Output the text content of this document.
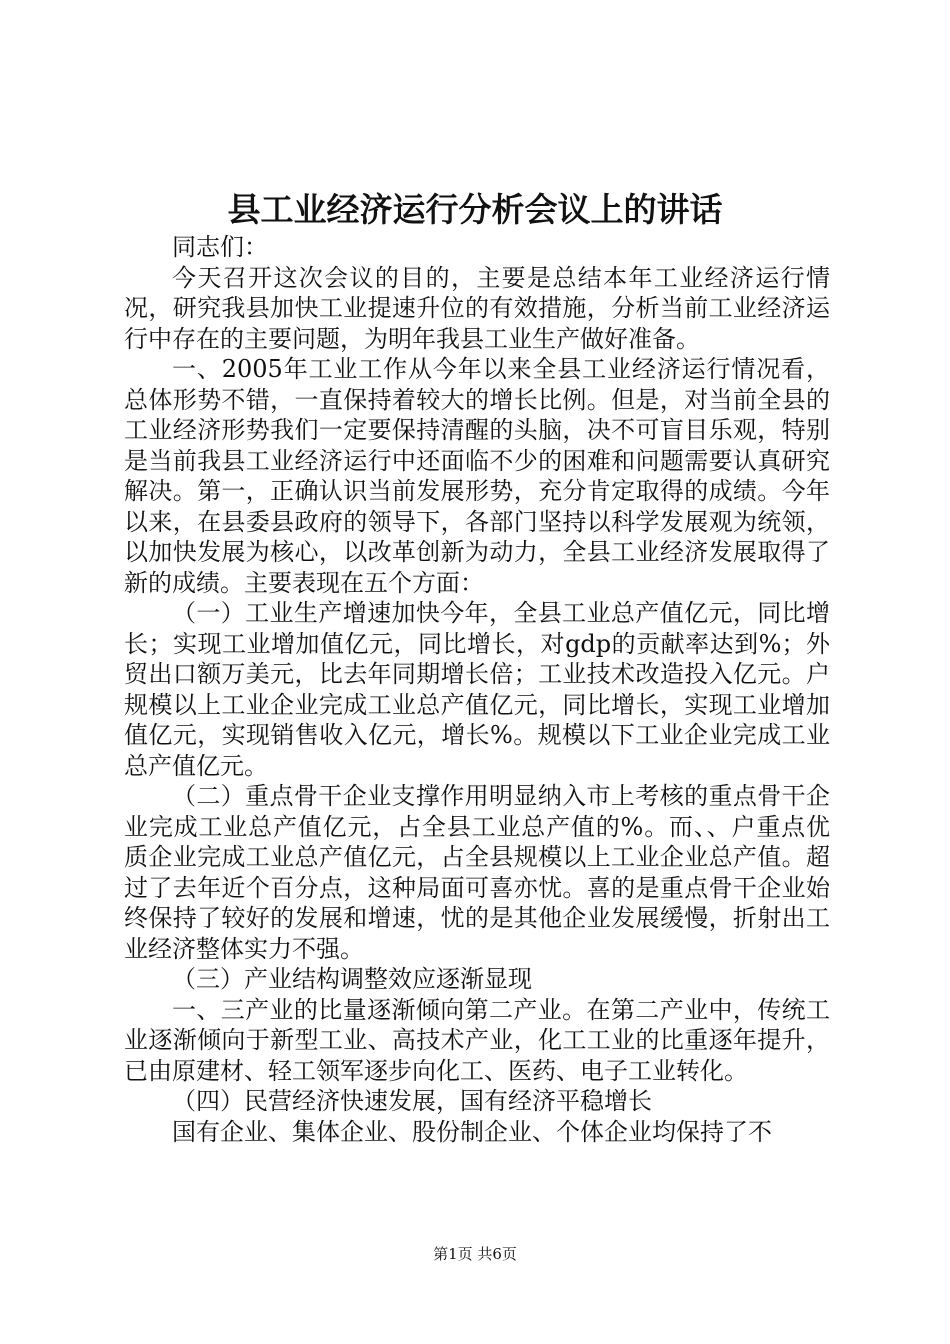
县工业经济运行分析会议上的讲话

同志们：

今天召开这次会议的目的，主要是总结本年工业经济运行情况，研究我县加快工业提速升位的有效措施，分析当前工业经济运行中存在的主要问题，为明年我县工业生产做好准备。

一、2005年工业工作从今年以来全县工业经济运行情况看，总体形势不错，一直保持着较大的增长比例。但是，对当前全县的工业经济形势我们一定要保持清醒的头脑，决不可盲目乐观，特别是当前我县工业经济运行中还面临不少的困难和问题需要认真研究解决。第一，正确认识当前发展形势，充分肯定取得的成绩。今年以来，在县委县政府的领导下，各部门坚持以科学发展观为统领，以加快发展为核心，以改革创新为动力，全县工业经济发展取得了新的成绩。主要表现在五个方面：

（一）工业生产增速加快今年，全县工业总产值亿元，同比增长；实现工业增加值亿元，同比增长，对gdp的贡献率达到%；外贸出口额万美元，比去年同期增长倍；工业技术改造投入亿元。户规模以上工业企业完成工业总产值亿元，同比增长，实现工业增加值亿元，实现销售收入亿元，增长%。规模以下工业企业完成工业总产值亿元。

（二）重点骨干企业支撑作用明显纳入市上考核的重点骨干企业完成工业总产值亿元，占全县工业总产值的%。而、、户重点优质企业完成工业总产值亿元，占全县规模以上工业企业总产值。超过了去年近个百分点，这种局面可喜亦忧。喜的是重点骨干企业始终保持了较好的发展和增速，忧的是其他企业发展缓慢，折射出工业经济整体实力不强。

（三）产业结构调整效应逐渐显现

一、三产业的比量逐渐倾向第二产业。在第二产业中，传统工业逐渐倾向于新型工业、高技术产业，化工工业的比重逐年提升，已由原建材、轻工领军逐步向化工、医药、电子工业转化。

（四）民营经济快速发展，国有经济平稳增长

国有企业、集体企业、股份制企业、个体企业均保持了不

第1页 共6页
